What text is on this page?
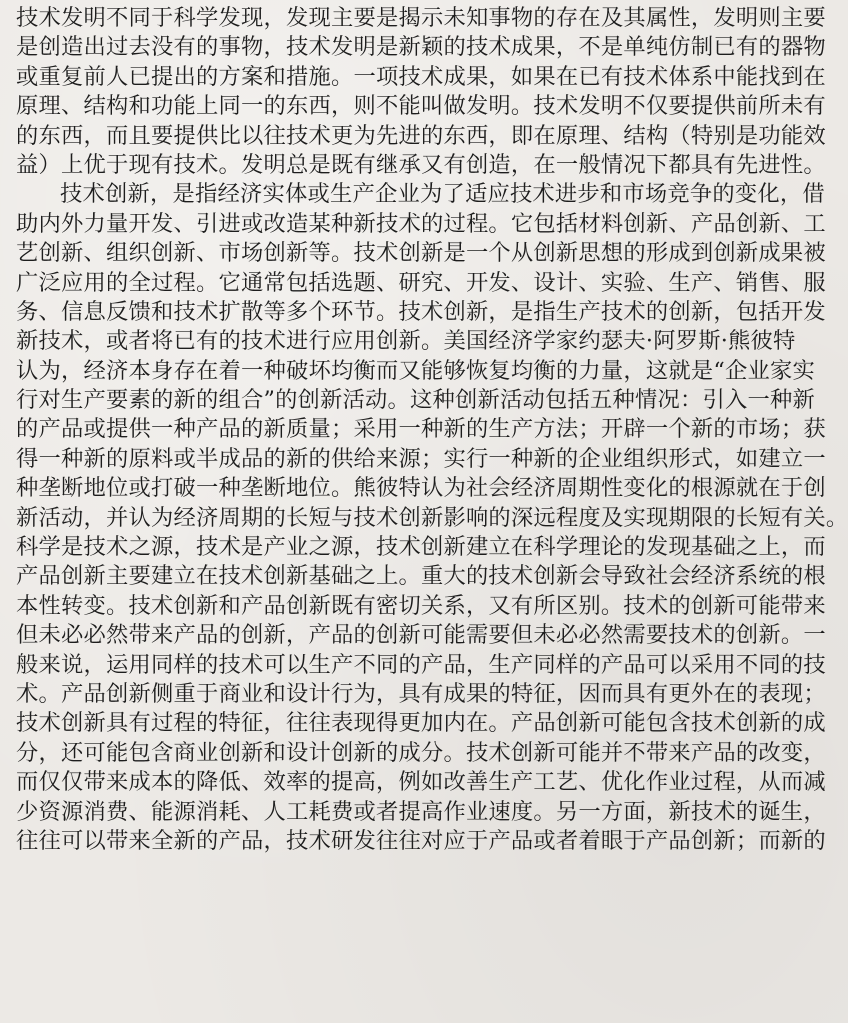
技术发明不同于科学发现，发现主要是揭示未知事物的存在及其属性，发明则主要
是创造出过去没有的事物，技术发明是新颖的技术成果，不是单纯仿制已有的器物
或重复前人已提出的方案和措施。一项技术成果，如果在已有技术体系中能找到在
原理、结构和功能上同一的东西，则不能叫做发明。技术发明不仅要提供前所未有
的东西，而且要提供比以往技术更为先进的东西，即在原理、结构（特别是功能效
益）上优于现有技术。发明总是既有继承又有创造，在一般情况下都具有先进性。
技术创新，是指经济实体或生产企业为了适应技术进步和市场竞争的变化，借
助内外力量开发、引进或改造某种新技术的过程。它包括材料创新、产品创新、工
艺创新、组织创新、市场创新等。技术创新是一个从创新思想的形成到创新成果被
广泛应用的全过程。它通常包括选题、研究、开发、设计、实验、生产、销售、服
务、信息反馈和技术扩散等多个环节。技术创新，是指生产技术的创新，包括开发
新技术，或者将已有的技术进行应用创新。美国经济学家约瑟夫·阿罗斯·熊彼特
认为，经济本身存在着一种破坏均衡而又能够恢复均衡的力量，这就是“企业家实
行对生产要素的新的组合”的创新活动。这种创新活动包括五种情况：引入一种新
的产品或提供一种产品的新质量；采用一种新的生产方法；开辟一个新的市场；获
得一种新的原料或半成品的新的供给来源；实行一种新的企业组织形式，如建立一
种垄断地位或打破一种垄断地位。熊彼特认为社会经济周期性变化的根源就在于创
新活动，并认为经济周期的长短与技术创新影响的深远程度及实现期限的长短有关。
科学是技术之源，技术是产业之源，技术创新建立在科学理论的发现基础之上，而
产品创新主要建立在技术创新基础之上。重大的技术创新会导致社会经济系统的根
本性转变。技术创新和产品创新既有密切关系，又有所区别。技术的创新可能带来
但未必必然带来产品的创新，产品的创新可能需要但未必必然需要技术的创新。一
般来说，运用同样的技术可以生产不同的产品，生产同样的产品可以采用不同的技
术。产品创新侧重于商业和设计行为，具有成果的特征，因而具有更外在的表现；
技术创新具有过程的特征，往往表现得更加内在。产品创新可能包含技术创新的成
分，还可能包含商业创新和设计创新的成分。技术创新可能并不带来产品的改变，
而仅仅带来成本的降低、效率的提高，例如改善生产工艺、优化作业过程，从而减
少资源消费、能源消耗、人工耗费或者提高作业速度。另一方面，新技术的诞生，
往往可以带来全新的产品，技术研发往往对应于产品或者着眼于产品创新；而新的
